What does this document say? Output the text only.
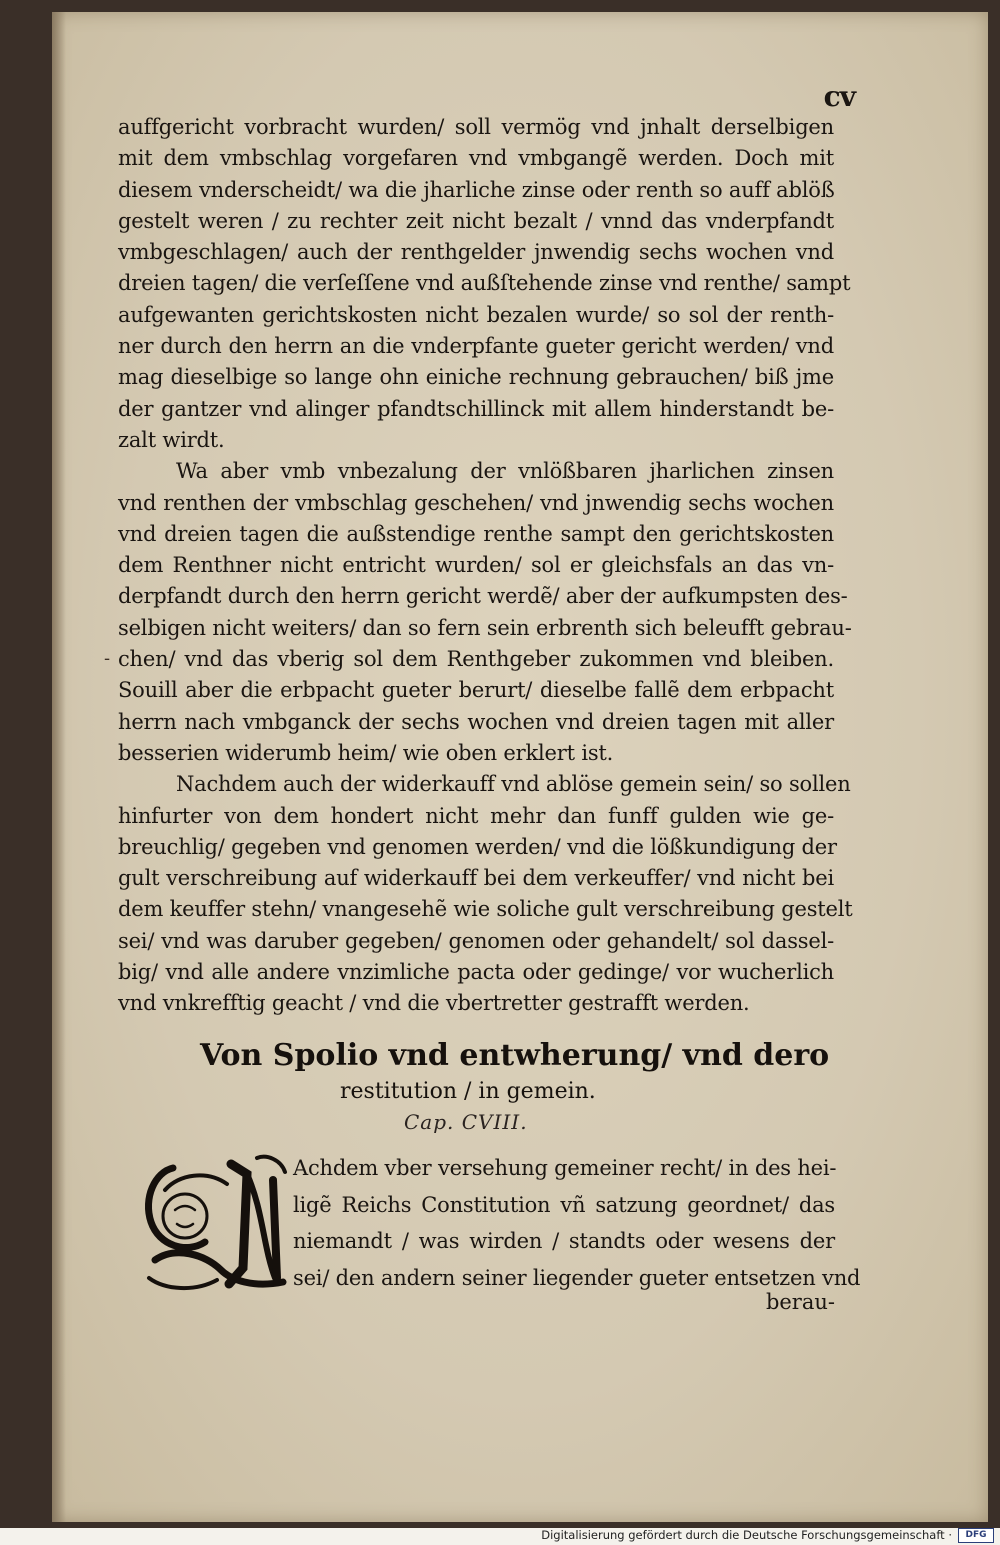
cv
auffgericht vorbracht wurden/ soll vermög vnd jnhalt derselbigen
mit dem vmbschlag vorgefaren vnd vmbgangẽ werden. Doch mit
diesem vnderscheidt/ wa die jharliche zinse oder renth so auff ablöß
gestelt weren / zu rechter zeit nicht bezalt / vnnd das vnderpfandt
vmbgeschlagen/ auch der renthgelder jnwendig sechs wochen vnd
dreien tagen/ die verſeſſene vnd außſtehende zinse vnd renthe/ sampt
aufgewanten gerichtskosten nicht bezalen wurde/ so sol der renth-
ner durch den herrn an die vnderpfante gueter gericht werden/ vnd
mag dieselbige so lange ohn einiche rechnung gebrauchen/ biß jme
der gantzer vnd alinger pfandtschillinck mit allem hinderstandt be-
zalt wirdt.
Wa aber vmb vnbezalung der vnlößbaren jharlichen zinsen
vnd renthen der vmbschlag geschehen/ vnd jnwendig sechs wochen
vnd dreien tagen die außstendige renthe sampt den gerichtskosten
dem Renthner nicht entricht wurden/ sol er gleichsfals an das vn-
derpfandt durch den herrn gericht werdẽ/ aber der aufkumpsten des-
selbigen nicht weiters/ dan so fern sein erbrenth sich beleufft gebrau-
chen/ vnd das vberig sol dem Renthgeber zukommen vnd bleiben.
Souill aber die erbpacht gueter berurt/ dieselbe fallẽ dem erbpacht
herrn nach vmbganck der sechs wochen vnd dreien tagen mit aller
besserien widerumb heim/ wie oben erklert ist.
Nachdem auch der widerkauff vnd ablöse gemein sein/ so sollen
hinfurter von dem hondert nicht mehr dan funff gulden wie ge-
breuchlig/ gegeben vnd genomen werden/ vnd die lößkundigung der
gult verschreibung auf widerkauff bei dem verkeuffer/ vnd nicht bei
dem keuffer stehn/ vnangesehẽ wie soliche gult verschreibung gestelt
sei/ vnd was daruber gegeben/ genomen oder gehandelt/ sol dassel-
big/ vnd alle andere vnzimliche pacta oder gedinge/ vor wucherlich
vnd vnkrefftig geacht / vnd die vbertretter gestrafft werden.
Von Spolio vnd entwherung/ vnd dero
restitution / in gemein.
Cap. CVIII.
Achdem vber versehung gemeiner recht/ in des hei-
ligẽ Reichs Constitution vñ satzung geordnet/ das
niemandt / was wirden / standts oder wesens der
sei/ den andern seiner liegender gueter entsetzen vnd
berau-
-
Digitalisierung gefördert durch die Deutsche Forschungsgemeinschaft ·	DFG
